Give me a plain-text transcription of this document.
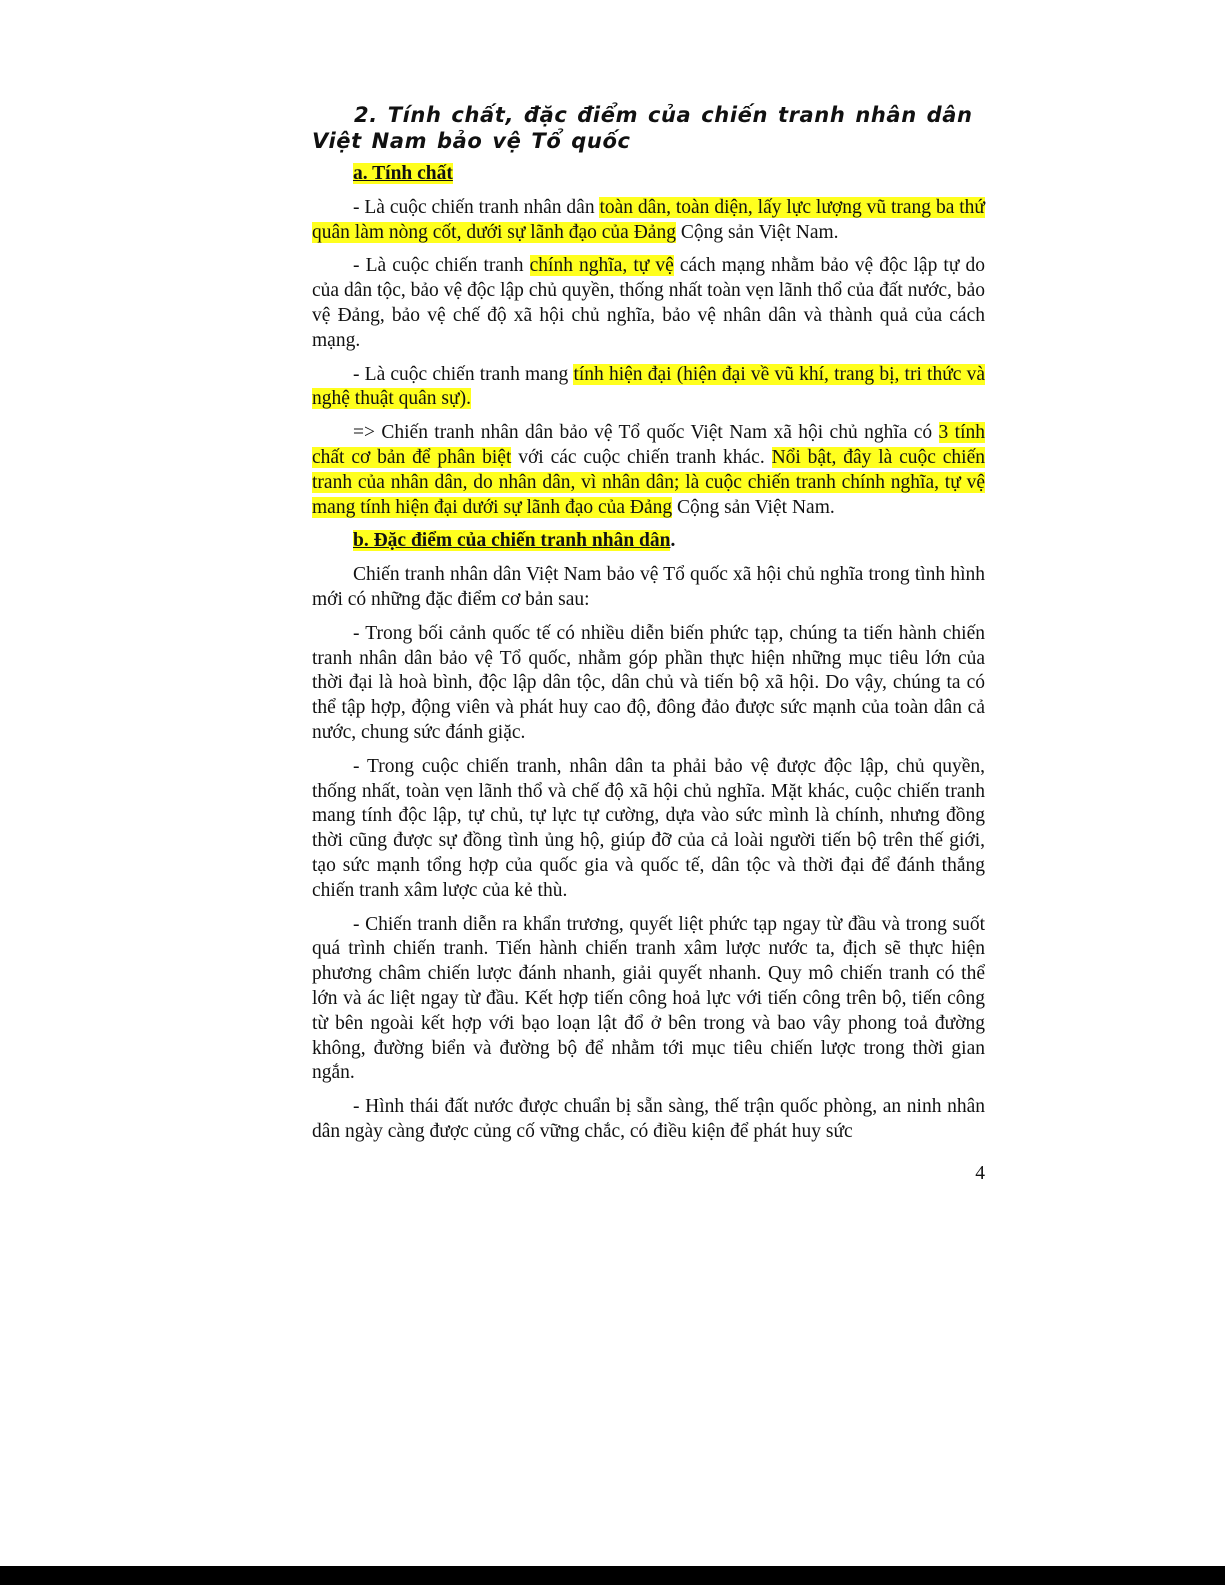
2. Tính chất, đặc điểm của chiến tranh nhân dân Việt Nam bảo vệ Tổ quốc
a. Tính chất

- Là cuộc chiến tranh nhân dân toàn dân, toàn diện, lấy lực lượng vũ trang ba thứ quân làm nòng cốt, dưới sự lãnh đạo của Đảng Cộng sản Việt Nam.

- Là cuộc chiến tranh chính nghĩa, tự vệ cách mạng nhằm bảo vệ độc lập tự do của dân tộc, bảo vệ độc lập chủ quyền, thống nhất toàn vẹn lãnh thổ của đất nước, bảo vệ Đảng, bảo vệ chế độ xã hội chủ nghĩa, bảo vệ nhân dân và thành quả của cách mạng.

- Là cuộc chiến tranh mang tính hiện đại (hiện đại về vũ khí, trang bị, tri thức và nghệ thuật quân sự).

=> Chiến tranh nhân dân bảo vệ Tổ quốc Việt Nam xã hội chủ nghĩa có 3 tính chất cơ bản để phân biệt với các cuộc chiến tranh khác. Nổi bật, đây là cuộc chiến tranh của nhân dân, do nhân dân, vì nhân dân; là cuộc chiến tranh chính nghĩa, tự vệ mang tính hiện đại dưới sự lãnh đạo của Đảng Cộng sản Việt Nam.

b. Đặc điểm của chiến tranh nhân dân.

Chiến tranh nhân dân Việt Nam bảo vệ Tổ quốc xã hội chủ nghĩa trong tình hình mới có những đặc điểm cơ bản sau:

- Trong bối cảnh quốc tế có nhiều diễn biến phức tạp, chúng ta tiến hành chiến tranh nhân dân bảo vệ Tổ quốc, nhằm góp phần thực hiện những mục tiêu lớn của thời đại là hoà bình, độc lập dân tộc, dân chủ và tiến bộ xã hội. Do vậy, chúng ta có thể tập hợp, động viên và phát huy cao độ, đông đảo được sức mạnh của toàn dân cả nước, chung sức đánh giặc.

- Trong cuộc chiến tranh, nhân dân ta phải bảo vệ được độc lập, chủ quyền, thống nhất, toàn vẹn lãnh thổ và chế độ xã hội chủ nghĩa. Mặt khác, cuộc chiến tranh mang tính độc lập, tự chủ, tự lực tự cường, dựa vào sức mình là chính, nhưng đồng thời cũng được sự đồng tình ủng hộ, giúp đỡ của cả loài người tiến bộ trên thế giới, tạo sức mạnh tổng hợp của quốc gia và quốc tế, dân tộc và thời đại để đánh thắng chiến tranh xâm lược của kẻ thù.

- Chiến tranh diễn ra khẩn trương, quyết liệt phức tạp ngay từ đầu và trong suốt quá trình chiến tranh. Tiến hành chiến tranh xâm lược nước ta, địch sẽ thực hiện phương châm chiến lược đánh nhanh, giải quyết nhanh. Quy mô chiến tranh có thể lớn và ác liệt ngay từ đầu. Kết hợp tiến công hoả lực với tiến công trên bộ, tiến công từ bên ngoài kết hợp với bạo loạn lật đổ ở bên trong và bao vây phong toả đường không, đường biển và đường bộ để nhằm tới mục tiêu chiến lược trong thời gian ngắn.

- Hình thái đất nước được chuẩn bị sẵn sàng, thế trận quốc phòng, an ninh nhân dân ngày càng được củng cố vững chắc, có điều kiện để phát huy sức

4
